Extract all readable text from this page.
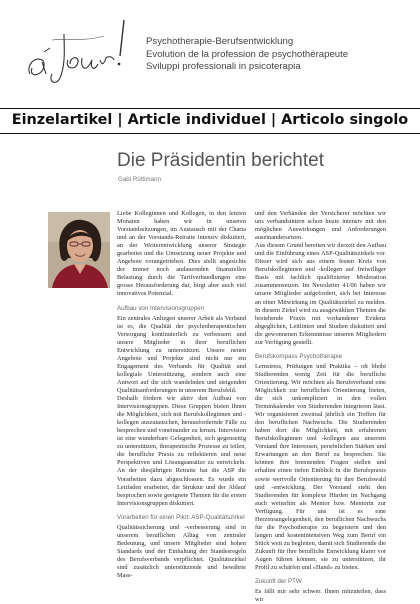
Psychotherapie-Berufsentwicklung
Evolution de la profession de psychothérapeute
Sviluppi professionali in psicoterapia
Einzelartikel | Article individuel | Articolo singolo
Die Präsidentin berichtet
Gabi Rüttimann

Liebe Kolleginnen und Kollegen, in den letzten Monaten haben wir in unseren Vorstandssitzungen, im Austausch mit der Charta und an der Vorstands-Retraite intensiv diskutiert, an der Weiterentwicklung unserer Strategie gearbeitet und die Umsetzung neuer Projekte und Angebote vorangetrieben. Dies stellt angesichts der immer noch andauernden finanziellen Belastung durch die Tarifverhandlungen eine grosse Herausforderung dar, birgt aber auch viel innovatives Potenzial.

Aufbau von Intervisionsgruppen

Ein zentrales Anliegen unserer Arbeit als Verband ist es, die Qualität der psychotherapeutischen Versorgung kontinuierlich zu verbessern und unsere Mitglieder in ihrer beruflichen Entwicklung zu unterstützen. Unsere neuen Angebote und Projekte sind nicht nur ein Engagement des Verbands für Qualität und kollegiale Unterstützung, sondern auch eine Antwort auf die sich wandelnden und steigenden Qualitätsanforderungen in unserem Berufsfeld.

Deshalb fördern wir aktiv den Aufbau von Intervisionsgruppen. Diese Gruppen bieten Ihnen die Möglichkeit, sich mit Berufskolleginnen und -kollegen auszutauschen, herausfordernde Fälle zu besprechen und voneinander zu lernen. Intervision ist eine wunderbare Gelegenheit, sich gegenseitig zu unterstützen, therapeutische Prozesse zu teilen, die berufliche Praxis zu reflektieren und neue Perspektiven und Lösungsansätze zu entwickeln. An der diesjährigen Retraite hat die ASP die Vorarbeiten dazu abgeschlossen. Es wurde ein Leitfaden erarbeitet, die Struktur und der Ablauf besprochen sowie geeignete Themen für die ersten Intervisionsgruppen diskutiert.

Vorarbeiten für einen Pilot: ASP-Qualitätszirkel

Qualitätssicherung und -verbesserung sind in unserem beruflichen Alltag von zentraler Bedeutung, und unsere Mitglieder sind hohen Standards und der Einhaltung der Standesregeln des Berufsverbands verpflichtet. Qualitätszirkel sind zusätzlich unterstützende und bewährte Mass-

und den Verbänden der Versicherer möchten wir uns verbandsintern schon heute intensiv mit den möglichen Auswirkungen und Anforderungen auseinandersetzen.

Aus diesem Grund bereiten wir derzeit den Aufbau und die Einführung eines ASP-Qualitätszirkels vor. Dieser wird sich aus einem festen Kreis von Berufskolleginnen und -kollegen auf freiwilliger Basis mit fachlich qualifizierter Moderation zusammensetzen. Im Newsletter 41/06 haben wir unsere Mitglieder aufgefordert, sich bei Interesse an einer Mitwirkung im Qualitätszirkel zu melden. In diesem Zirkel wird zu ausgewählten Themen die bestehende Praxis mit vorhandener Evidenz abgeglichen, Leitlinien und Studien diskutiert und die gewonnenen Erkenntnisse unseren Mitgliedern zur Verfügung gestellt.

Berufskompass Psychotherapie

Lernstress, Prüfungen und Praktika – oft bleibt Studierenden wenig Zeit für die berufliche Orientierung. Wir möchten als Berufsverband eine Möglichkeit zur beruflichen Orientierung bieten, die sich unkompliziert in den vollen Terminkalender von Studierenden integrieren lässt. Wir organisieren zweimal jährlich ein Treffen für den beruflichen Nachwuchs. Die Studierenden haben dort die Möglichkeit, mit erfahrenen Berufskolleginnen und -kollegen aus unserem Vorstand ihre Interessen, persönlichen Stärken und Erwartungen an den Beruf zu besprechen. Sie können ihre brennenden Fragen stellen und erhalten einen tiefen Einblick in die Berufspraxis sowie wertvolle Orientierung für ihre Berufswahl und -entwicklung. Der Vorstand steht den Studierenden für komplexe Hürden im Nachgang auch weiterhin als Mentor bzw. Mentorin zur Verfügung. Für uns ist es eine Herzensangelegenheit, den beruflichen Nachwuchs für die Psychotherapie zu begeistern und den langen und kostenintensiven Weg zum Beruf ein Stück weit zu begleiten, damit sich Studierende die Zukunft für ihre berufliche Entwicklung klarer vor Augen führen können, sie zu unterstützen, ihr Profil zu schärfen und «Hand» zu bieten.

Zukunft der PTW

Es fällt mir sehr schwer. Ihnen mitzuteilen, dass wir
